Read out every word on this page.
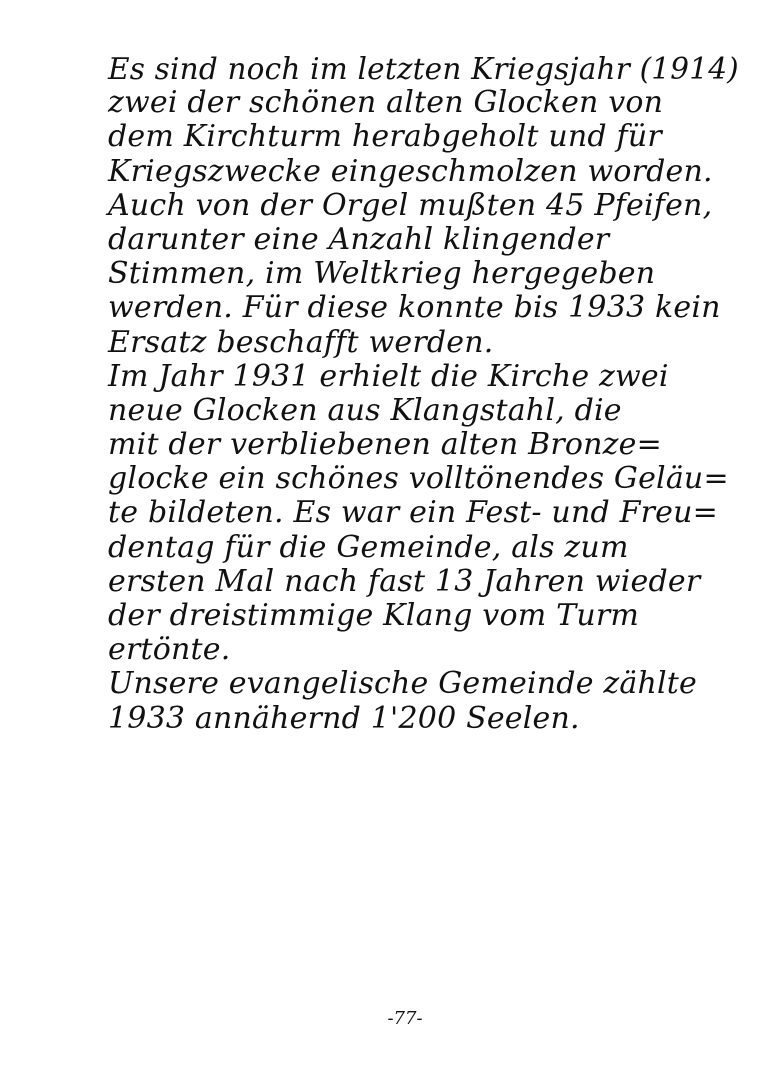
Es sind noch im letzten Kriegsjahr (1914)
zwei der schönen alten Glocken von
dem Kirchturm herabgeholt und für
Kriegszwecke eingeschmolzen worden.
Auch von der Orgel mußten 45 Pfeifen,
darunter eine Anzahl klingender
Stimmen, im Weltkrieg hergegeben
werden. Für diese konnte bis 1933 kein
Ersatz beschafft werden.
Im Jahr 1931 erhielt die Kirche zwei
neue Glocken aus Klangstahl, die
mit der verbliebenen alten Bronze=
glocke ein schönes volltönendes Geläu=
te bildeten. Es war ein Fest- und Freu=
dentag für die Gemeinde, als zum
ersten Mal nach fast 13 Jahren wieder
der dreistimmige Klang vom Turm
ertönte.
Unsere evangelische Gemeinde zählte
1933 annähernd 1'200 Seelen.
-77-
